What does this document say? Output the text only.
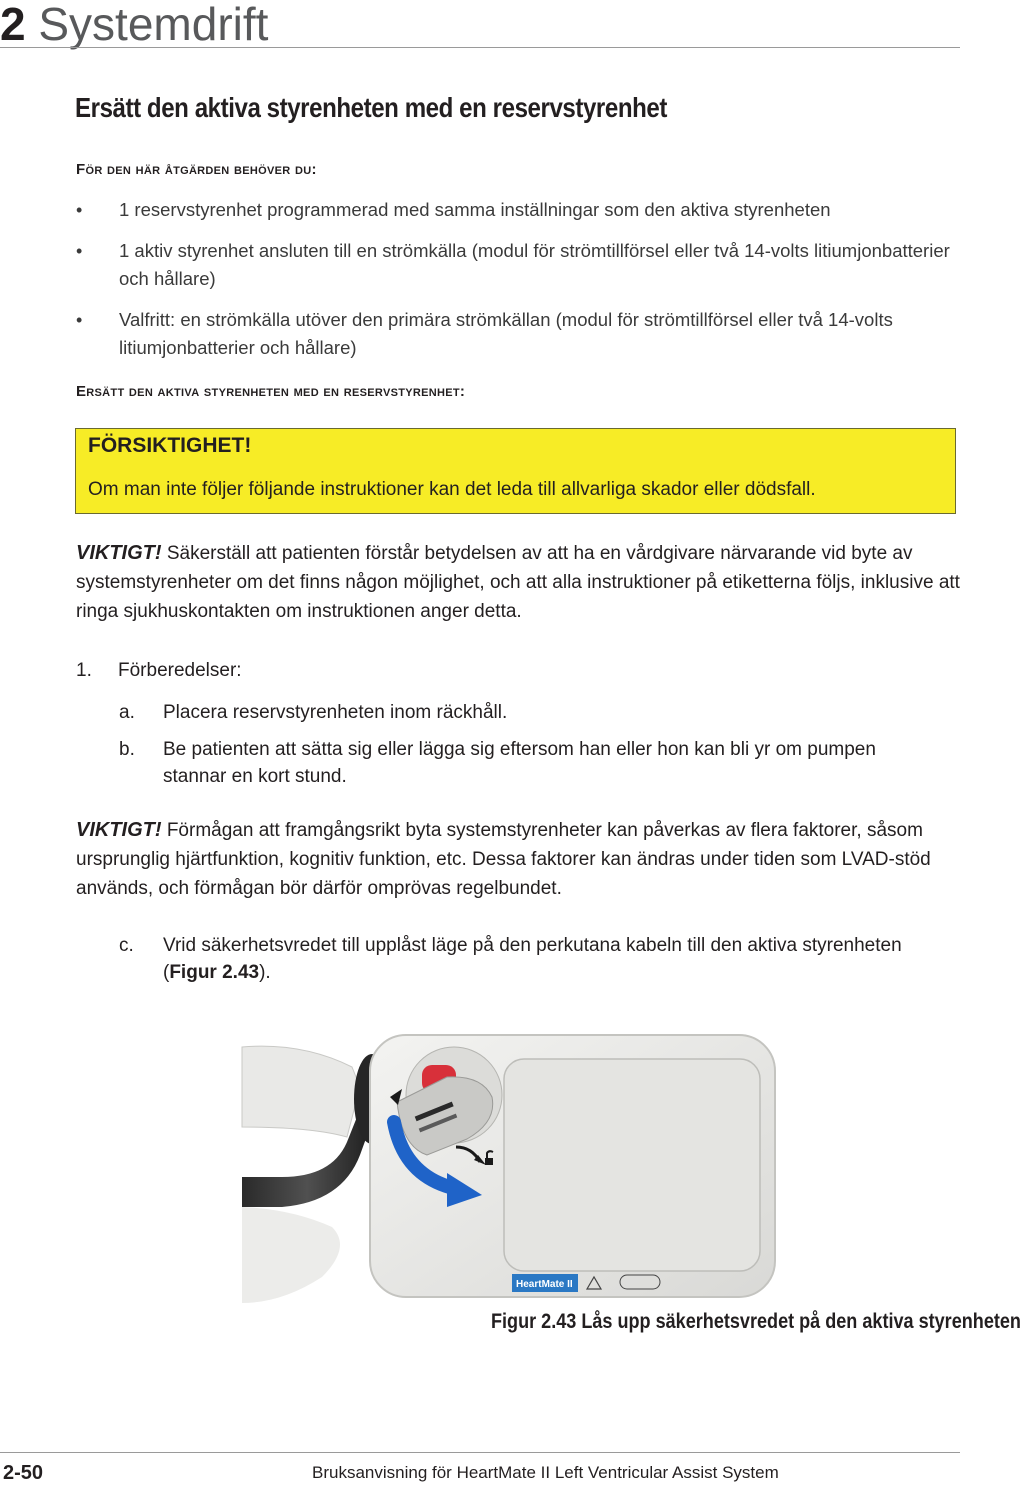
2 Systemdrift
Ersätt den aktiva styrenheten med en reservstyrenhet
För den här åtgärden behöver du:
• 1 reservstyrenhet programmerad med samma inställningar som den aktiva styrenheten
• 1 aktiv styrenhet ansluten till en strömkälla (modul för strömtillförsel eller två 14-volts litiumjonbatterier och hållare)
• Valfritt: en strömkälla utöver den primära strömkällan (modul för strömtillförsel eller två 14-volts litiumjonbatterier och hållare)
Ersätt den aktiva styrenheten med en reservstyrenhet:
FÖRSIKTIGHET!
Om man inte följer följande instruktioner kan det leda till allvarliga skador eller dödsfall.
VIKTIGT! Säkerställ att patienten förstår betydelsen av att ha en vårdgivare närvarande vid byte av systemstyrenheter om det finns någon möjlighet, och att alla instruktioner på etiketterna följs, inklusive att ringa sjukhuskontakten om instruktionen anger detta.
1. Förberedelser:
a.	Placera reservstyrenheten inom räckhåll.
b.	Be patienten att sätta sig eller lägga sig eftersom han eller hon kan bli yr om pumpen stannar en kort stund.
VIKTIGT! Förmågan att framgångsrikt byta systemstyrenheter kan påverkas av flera faktorer, såsom ursprunglig hjärtfunktion, kognitiv funktion, etc. Dessa faktorer kan ändras under tiden som LVAD-stöd används, och förmågan bör därför omprövas regelbundet.
c.	Vrid säkerhetsvredet till upplåst läge på den perkutana kabeln till den aktiva styrenheten (Figur 2.43).
HeartMate II
Figur 2.43 Lås upp säkerhetsvredet på den aktiva styrenheten
2-50	Bruksanvisning för HeartMate II Left Ventricular Assist System
